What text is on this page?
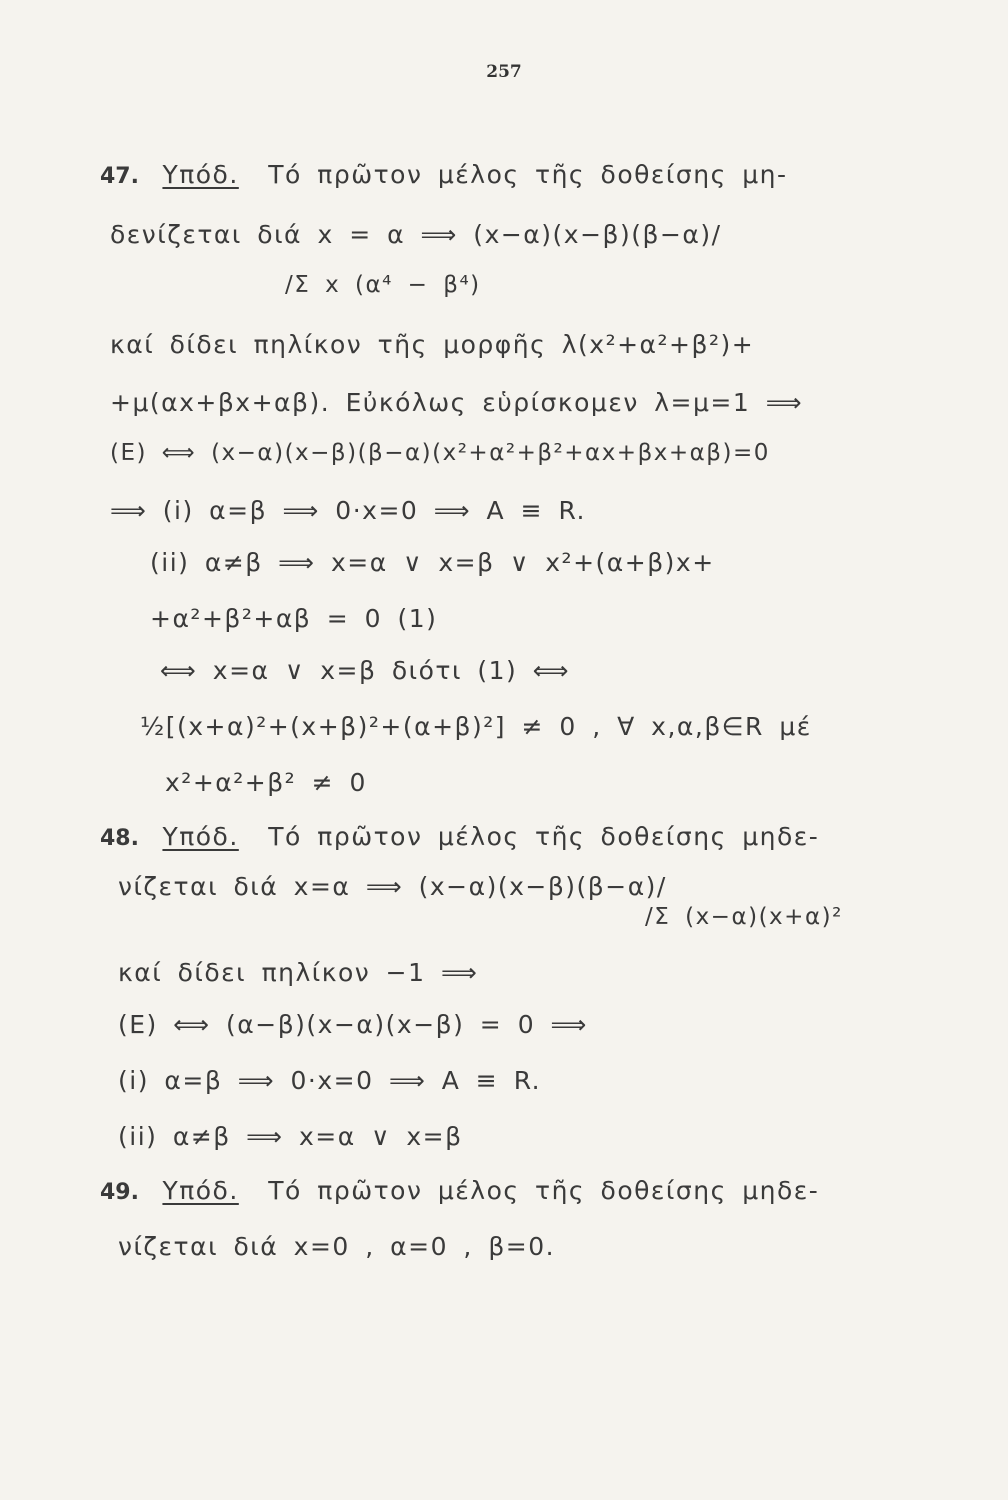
257
47. Υπόδ. Τό πρῶτον μέλος τῆς δοθείσης μη-
δενίζεται διά x = α ⟹ (x−α)(x−β)(β−α)/
/Σ x (α⁴ − β⁴)
καί δίδει πηλίκον τῆς μορφῆς λ(x²+α²+β²)+
+μ(αx+βx+αβ). Εὐκόλως εὑρίσκομεν λ=μ=1 ⟹
(Ε) ⟺ (x−α)(x−β)(β−α)(x²+α²+β²+αx+βx+αβ)=0
⟹ (i) α=β ⟹ 0·x=0 ⟹ A ≡ R.
(ii) α≠β ⟹ x=α ∨ x=β ∨ x²+(α+β)x+
+α²+β²+αβ = 0 (1)
⟺ x=α ∨ x=β διότι (1) ⟺
½[(x+α)²+(x+β)²+(α+β)²] ≠ 0 , ∀ x,α,β∈R μέ
x²+α²+β² ≠ 0
48. Υπόδ. Τό πρῶτον μέλος τῆς δοθείσης μηδε-
νίζεται διά x=α ⟹ (x−α)(x−β)(β−α)/
/Σ (x−α)(x+α)²
καί δίδει πηλίκον −1 ⟹
(Ε) ⟺ (α−β)(x−α)(x−β) = 0 ⟹
(i) α=β ⟹ 0·x=0 ⟹ A ≡ R.
(ii) α≠β ⟹ x=α ∨ x=β
49. Υπόδ. Τό πρῶτον μέλος τῆς δοθείσης μηδε-
νίζεται διά x=0 , α=0 , β=0.
